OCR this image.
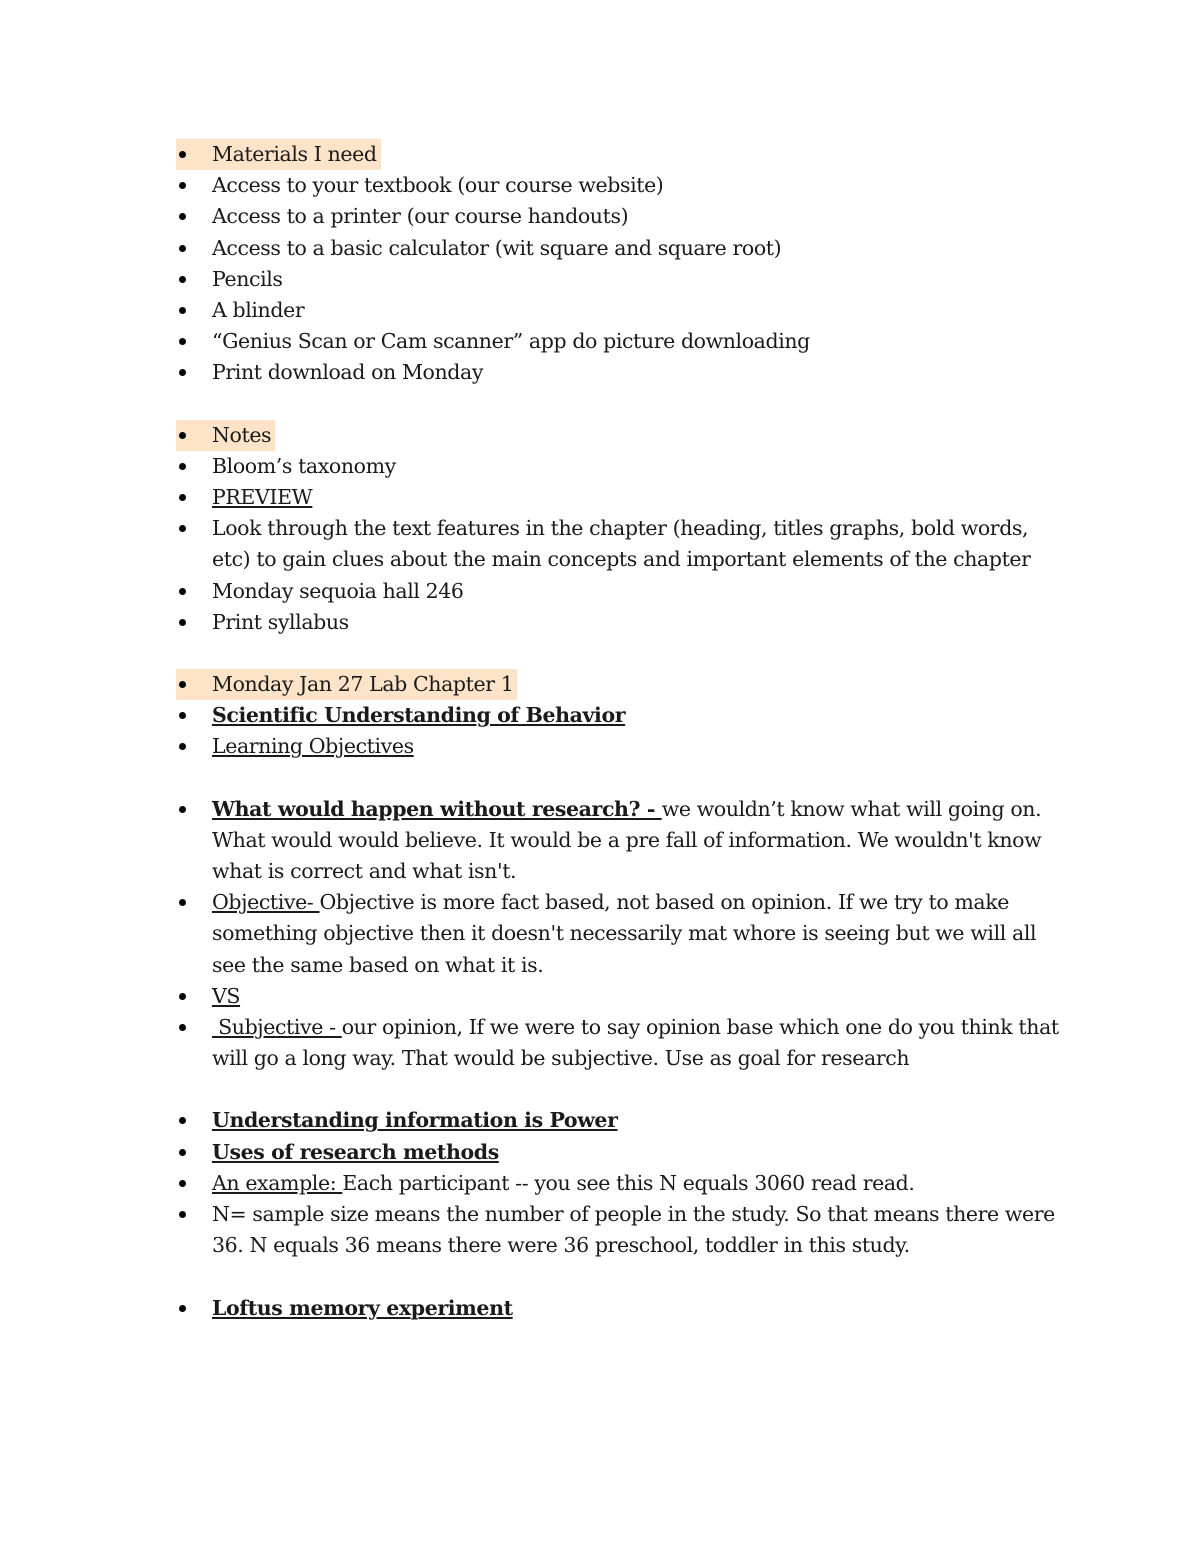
Materials I need
Access to your textbook (our course website)
Access to a printer (our course handouts)
Access to a basic calculator (wit square and square root)
Pencils
A blinder
“Genius Scan or Cam scanner” app do picture downloading
Print download on Monday
Notes
Bloom’s taxonomy
PREVIEW
Look through the text features in the chapter (heading, titles graphs, bold words, etc) to gain clues about the main concepts and important elements of the chapter
Monday sequoia hall 246
Print syllabus
Monday Jan 27 Lab Chapter 1
Scientific Understanding of Behavior
Learning Objectives
What would happen without research? - we wouldn’t know what will going on. What would would believe. It would be a pre fall of information. We wouldn't know what is correct and what isn't.
Objective- Objective is more fact based, not based on opinion. If we try to make something objective then it doesn't necessarily mat whore is seeing but we will all see the same based on what it is.
VS
Subjective - our opinion, If we were to say opinion base which one do you think that will go a long way. That would be subjective. Use as goal for research
Understanding information is Power
Uses of research methods
An example: Each participant -- you see this N equals 3060 read read.
N= sample size means the number of people in the study. So that means there were 36. N equals 36 means there were 36 preschool, toddler in this study.
Loftus memory experiment
